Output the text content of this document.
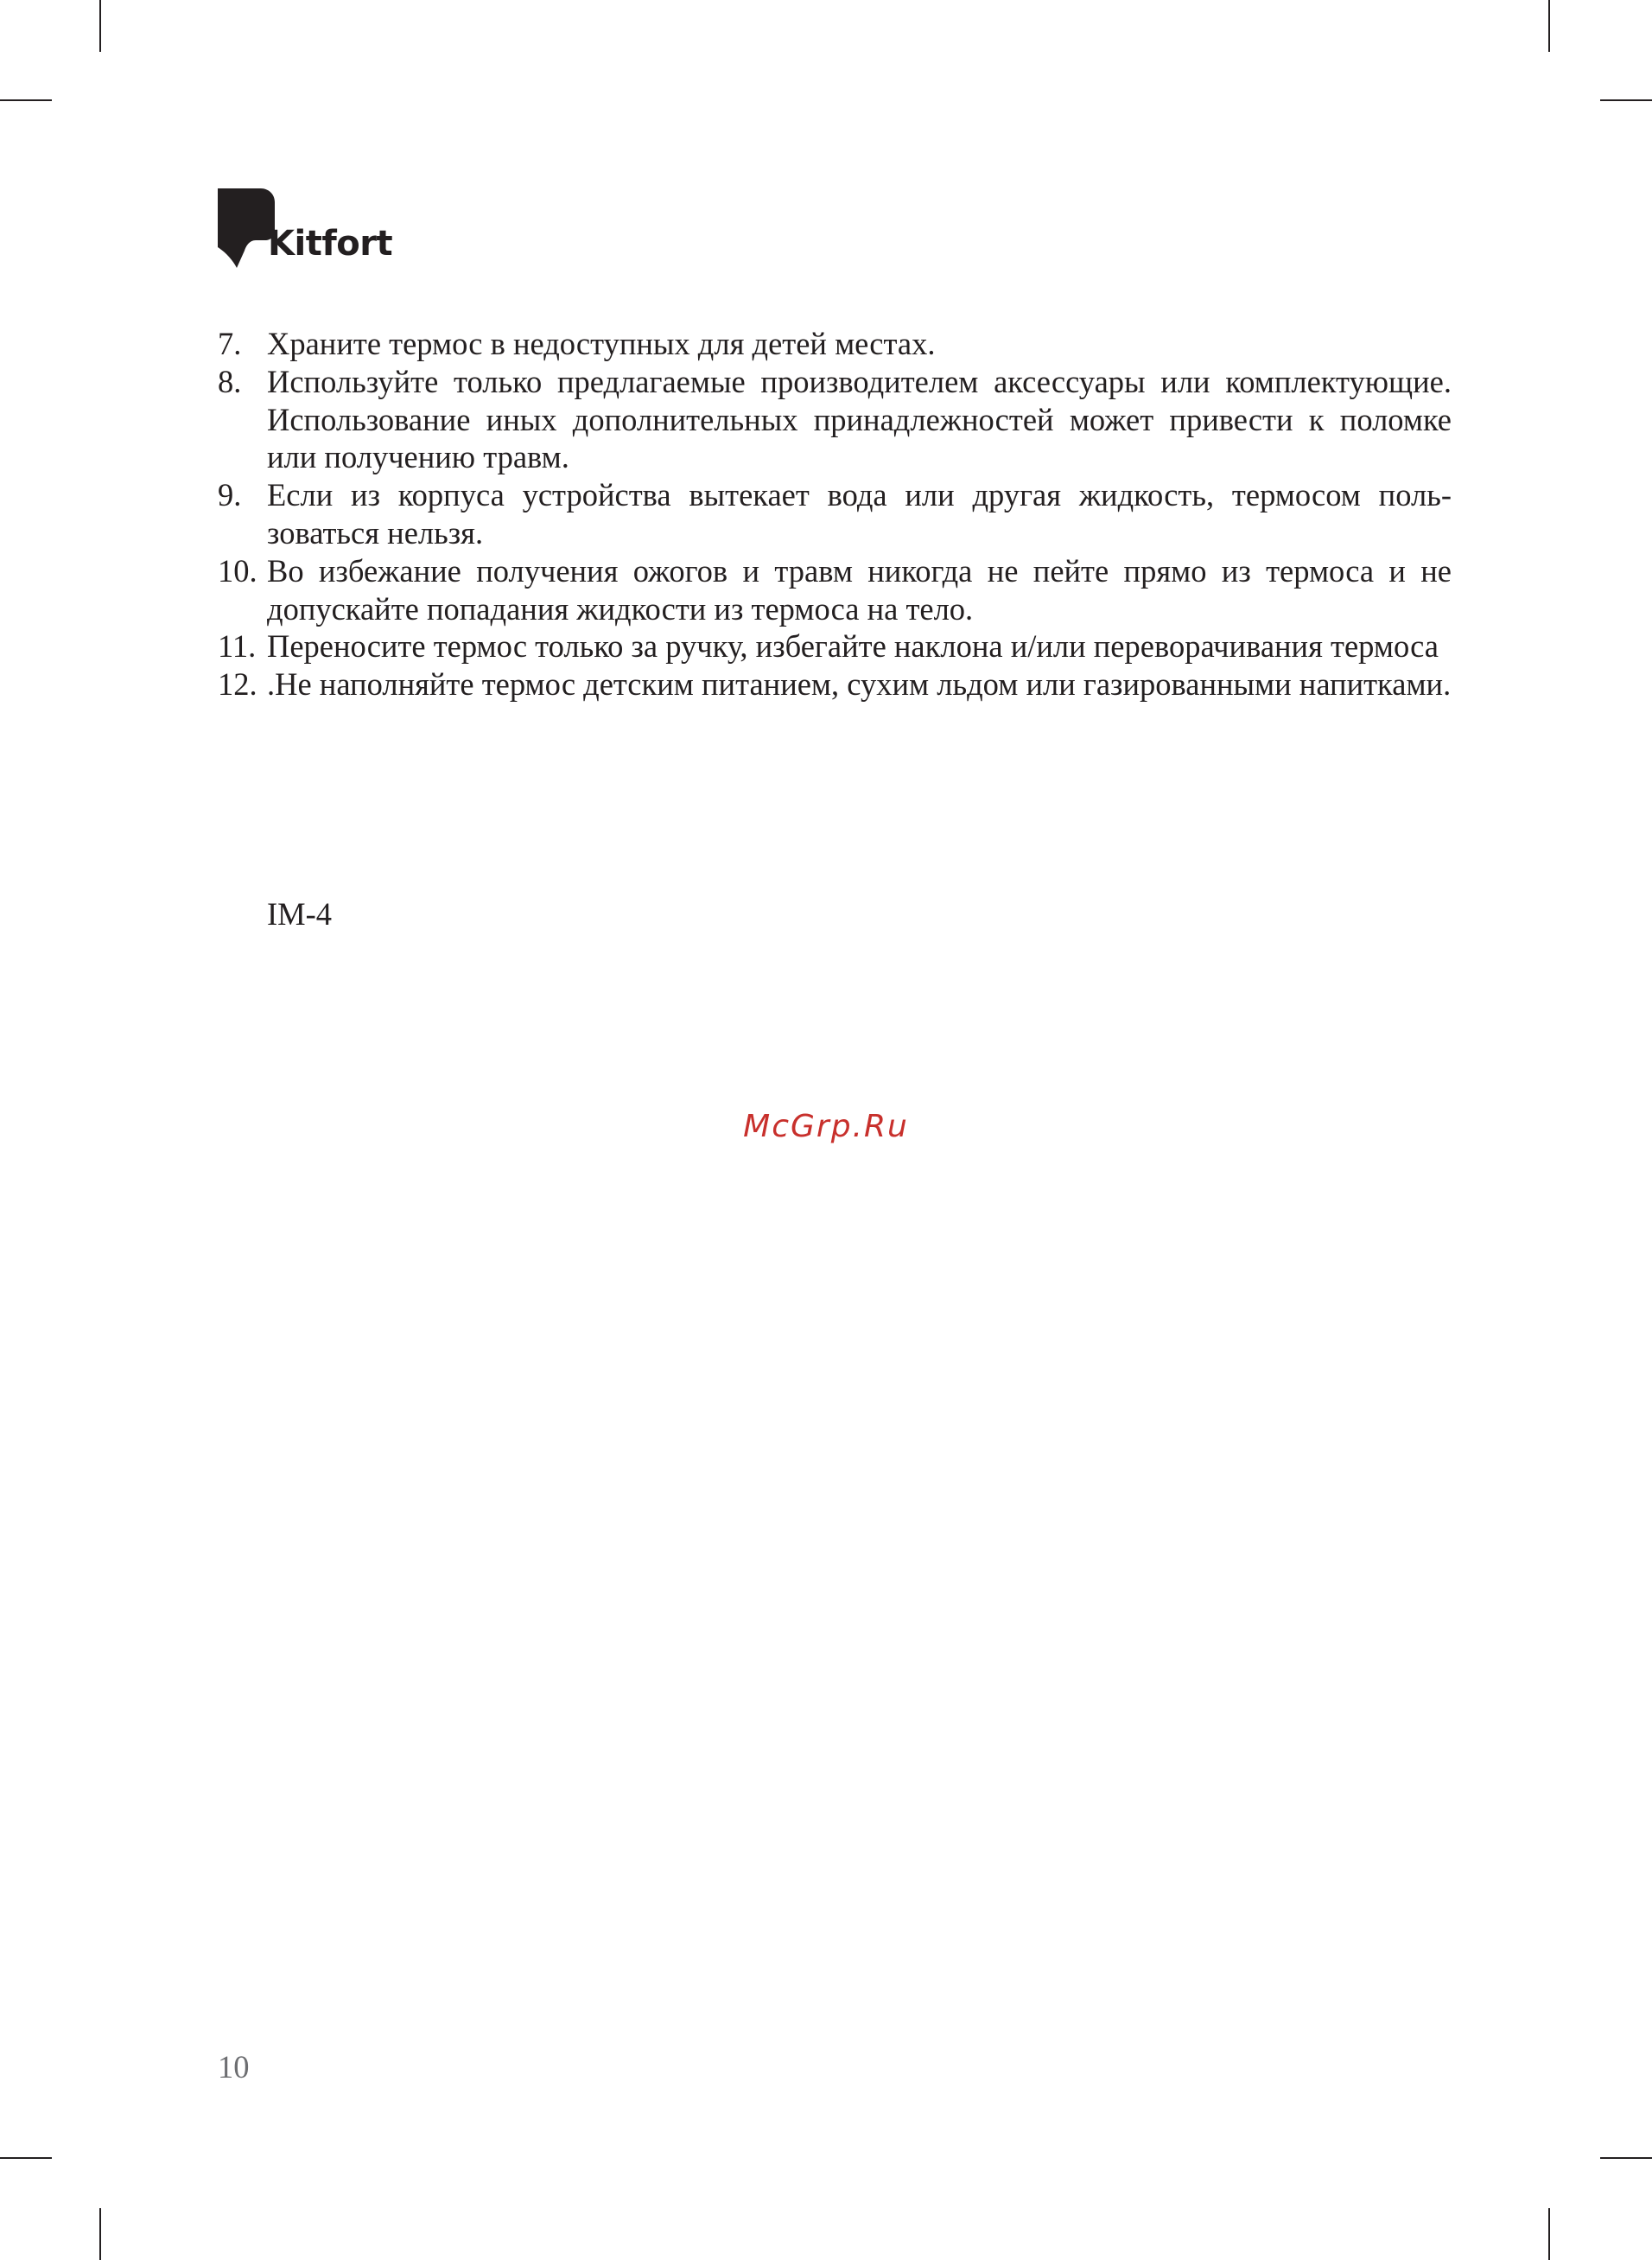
Kitfort
7. Храните термос в недоступных для детей местах.
8. Используйте только предлагаемые производителем аксессуары или комплектующие. Использование иных дополнительных принадлежностей может привести к поломке или получению травм.
9. Если из корпуса устройства вытекает вода или другая жидкость, термосом пользоваться нельзя.
10. Во избежание получения ожогов и травм никогда не пейте прямо из термоса и не допускайте попадания жидкости из термоса на тело.
11. Переносите термос только за ручку, избегайте наклона и/или переворачивания термоса
12. .Не наполняйте термос детским питанием, сухим льдом или газированными напитками.
IM-4
McGrp.Ru
10
